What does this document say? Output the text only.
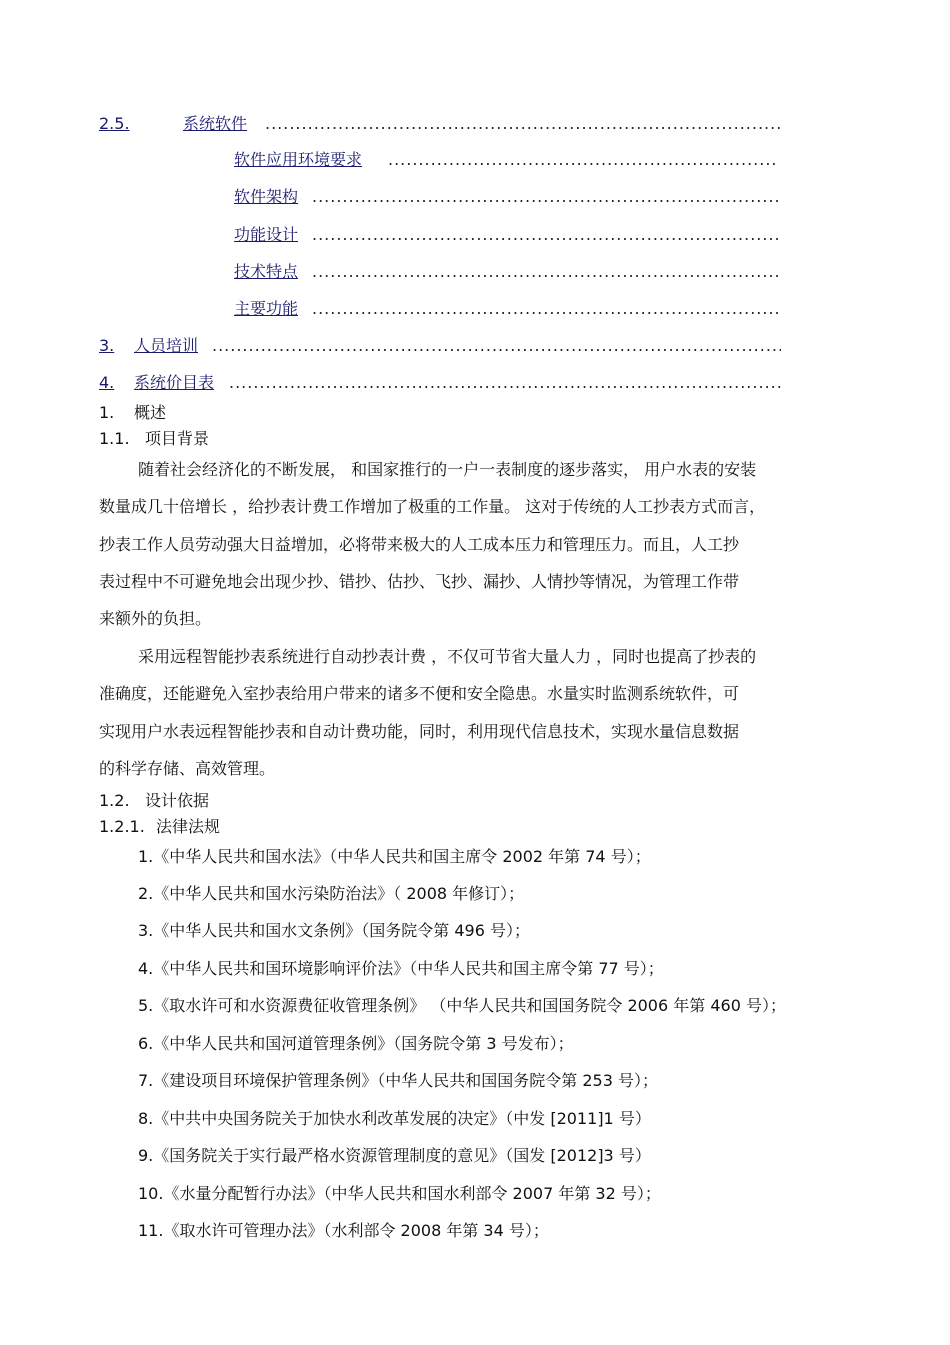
2.5.	系统软件
.....
软件应用环境要求
.....
软件架构
.....
功能设计
.....
技术特点
.....
主要功能
.....
3. 人员培训
.....
4. 系统价目表
.....
1. 概述
1.1. 项目背景
随着社会经济化的不断发展， 和国家推行的一户一表制度的逐步落实， 用户水表的安装
数量成几十倍增长 ，给抄表计费工作增加了极重的工作量。 这对于传统的人工抄表方式而言，
抄表工作人员劳动强大日益增加，必将带来极大的人工成本压力和管理压力。而且，人工抄
表过程中不可避免地会出现少抄、错抄、估抄、飞抄、漏抄、人情抄等情况，为管理工作带
来额外的负担。
采用远程智能抄表系统进行自动抄表计费 ，不仅可节省大量人力 ，同时也提高了抄表的
准确度，还能避免入室抄表给用户带来的诸多不便和安全隐患。水量实时监测系统软件，可
实现用户水表远程智能抄表和自动计费功能，同时，利用现代信息技术，实现水量信息数据
的科学存储、高效管理。
1.2. 设计依据
1.2.1. 法律法规
1.《中华人民共和国水法》（中华人民共和国主席令 2002 年第 74 号）；
2.《中华人民共和国水污染防治法》（ 2008 年修订）；
3.《中华人民共和国水文条例》（国务院令第 496 号）；
4.《中华人民共和国环境影响评价法》（中华人民共和国主席令第 77 号）；
5.《取水许可和水资源费征收管理条例》 （中华人民共和国国务院令 2006 年第 460 号）；
6.《中华人民共和国河道管理条例》（国务院令第 3 号发布）；
7.《建设项目环境保护管理条例》（中华人民共和国国务院令第 253 号）；
8.《中共中央国务院关于加快水利改革发展的决定》（中发 [2011]1 号）
9.《国务院关于实行最严格水资源管理制度的意见》（国发 [2012]3 号）
10.《水量分配暂行办法》（中华人民共和国水利部令 2007 年第 32 号）；
11.《取水许可管理办法》（水利部令 2008 年第 34 号）；
